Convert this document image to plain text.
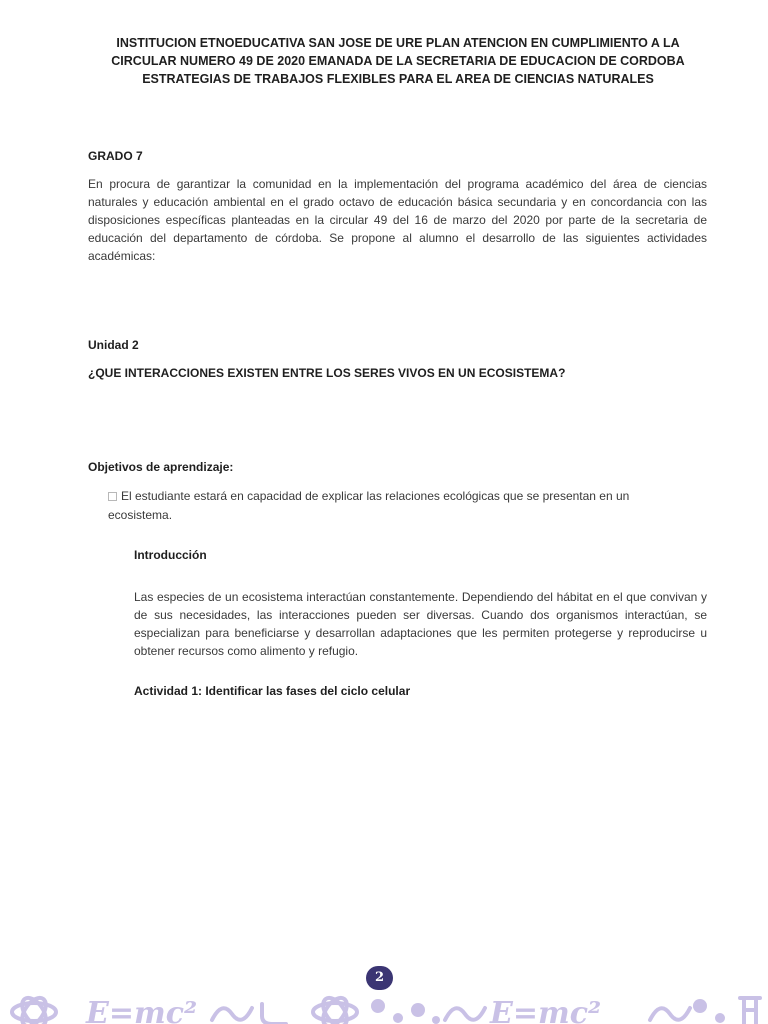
INSTITUCION ETNOEDUCATIVA SAN JOSE DE URE PLAN ATENCION EN CUMPLIMIENTO A LA CIRCULAR NUMERO 49 DE 2020 EMANADA DE LA SECRETARIA DE EDUCACION DE CORDOBA ESTRATEGIAS DE TRABAJOS FLEXIBLES PARA EL AREA DE CIENCIAS NATURALES
GRADO 7

En procura de garantizar la comunidad en la implementación del programa académico del área de ciencias naturales y educación ambiental en el grado octavo de educación básica secundaria y en concordancia con las disposiciones específicas planteadas en la circular 49 del 16 de marzo del 2020 por parte de la secretaria de educación del departamento de córdoba. Se propone al alumno el desarrollo de las siguientes actividades académicas:

Unidad 2
¿QUE INTERACCIONES EXISTEN ENTRE LOS SERES VIVOS EN UN ECOSISTEMA?
Objetivos de aprendizaje:
El estudiante estará en capacidad de explicar las relaciones ecológicas que se presentan en un ecosistema.
Introducción

Las especies de un ecosistema interactúan constantemente. Dependiendo del hábitat en el que convivan y de sus necesidades, las interacciones pueden ser diversas. Cuando dos organismos interactúan, se especializan para beneficiarse y desarrollan adaptaciones que les permiten protegerse y reproducirse u obtener recursos como alimento y refugio.

Actividad 1: Identificar las fases del ciclo celular
2
E=mc²	E=mc²
